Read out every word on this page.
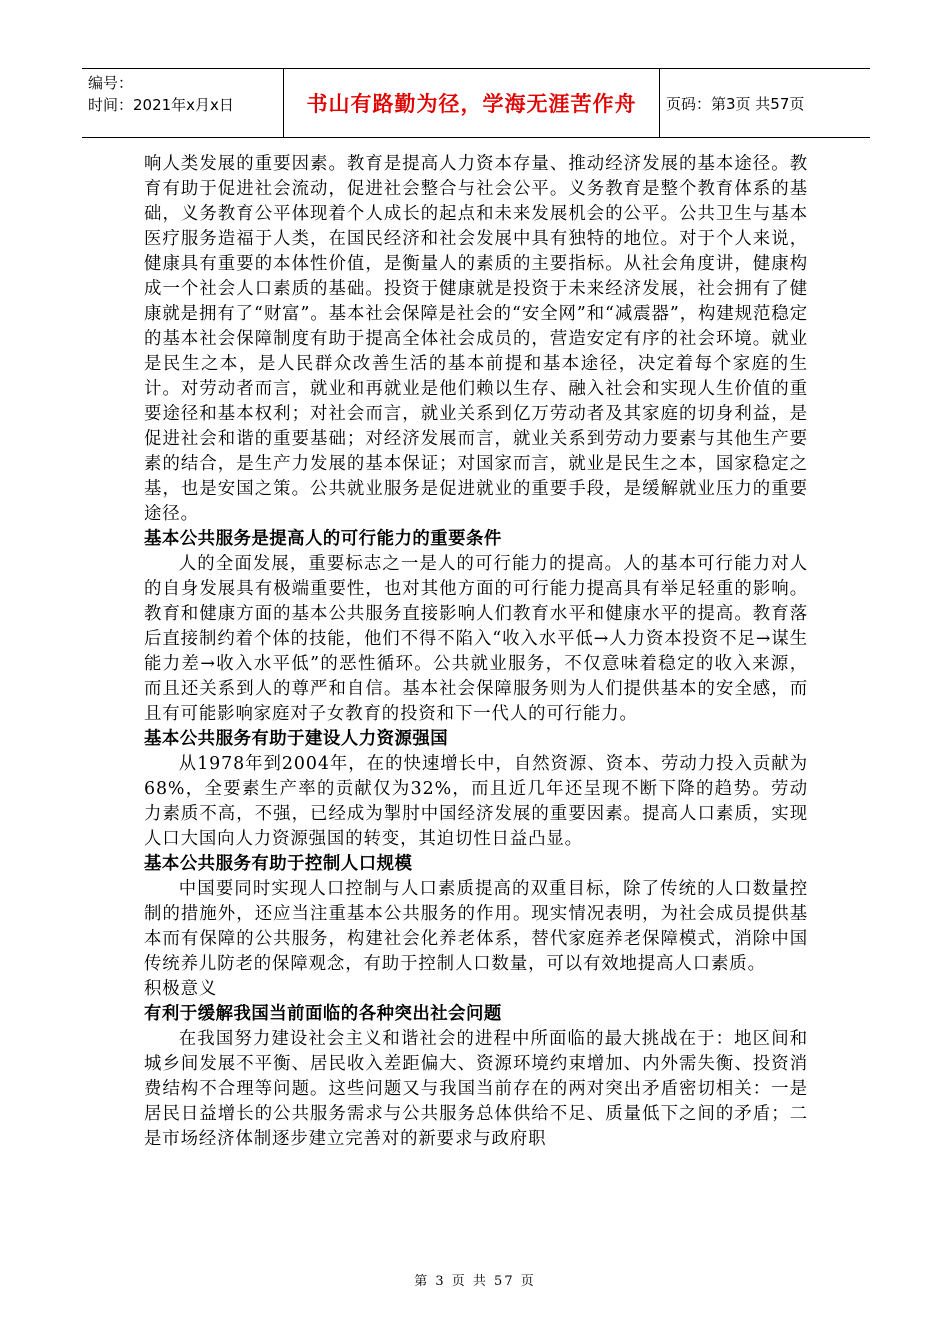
编号：
时间：2021年x月x日	书山有路勤为径，学海无涯苦作舟	页码：第3页 共57页

响人类发展的重要因素。教育是提高人力资本存量、推动经济发展的基本途径。教育有助于促进社会流动，促进社会整合与社会公平。义务教育是整个教育体系的基础，义务教育公平体现着个人成长的起点和未来发展机会的公平。公共卫生与基本医疗服务造福于人类，在国民经济和社会发展中具有独特的地位。对于个人来说，健康具有重要的本体性价值，是衡量人的素质的主要指标。从社会角度讲，健康构成一个社会人口素质的基础。投资于健康就是投资于未来经济发展，社会拥有了健康就是拥有了“财富”。基本社会保障是社会的“安全网”和“减震器”，构建规范稳定的基本社会保障制度有助于提高全体社会成员的，营造安定有序的社会环境。就业是民生之本，是人民群众改善生活的基本前提和基本途径，决定着每个家庭的生计。对劳动者而言，就业和再就业是他们赖以生存、融入社会和实现人生价值的重要途径和基本权利；对社会而言，就业关系到亿万劳动者及其家庭的切身利益，是促进社会和谐的重要基础；对经济发展而言，就业关系到劳动力要素与其他生产要素的结合，是生产力发展的基本保证；对国家而言，就业是民生之本，国家稳定之基，也是安国之策。公共就业服务是促进就业的重要手段，是缓解就业压力的重要途径。

基本公共服务是提高人的可行能力的重要条件

人的全面发展，重要标志之一是人的可行能力的提高。人的基本可行能力对人的自身发展具有极端重要性，也对其他方面的可行能力提高具有举足轻重的影响。教育和健康方面的基本公共服务直接影响人们教育水平和健康水平的提高。教育落后直接制约着个体的技能，他们不得不陷入“收入水平低→人力资本投资不足→谋生能力差→收入水平低”的恶性循环。公共就业服务，不仅意味着稳定的收入来源，而且还关系到人的尊严和自信。基本社会保障服务则为人们提供基本的安全感，而且有可能影响家庭对子女教育的投资和下一代人的可行能力。

基本公共服务有助于建设人力资源强国

从1978年到2004年，在的快速增长中，自然资源、资本、劳动力投入贡献为68%，全要素生产率的贡献仅为32%，而且近几年还呈现不断下降的趋势。劳动力素质不高，不强，已经成为掣肘中国经济发展的重要因素。提高人口素质，实现人口大国向人力资源强国的转变，其迫切性日益凸显。

基本公共服务有助于控制人口规模

中国要同时实现人口控制与人口素质提高的双重目标，除了传统的人口数量控制的措施外，还应当注重基本公共服务的作用。现实情况表明，为社会成员提供基本而有保障的公共服务，构建社会化养老体系，替代家庭养老保障模式，消除中国传统养儿防老的保障观念，有助于控制人口数量，可以有效地提高人口素质。

积极意义

有利于缓解我国当前面临的各种突出社会问题

在我国努力建设社会主义和谐社会的进程中所面临的最大挑战在于：地区间和城乡间发展不平衡、居民收入差距偏大、资源环境约束增加、内外需失衡、投资消费结构不合理等问题。这些问题又与我国当前存在的两对突出矛盾密切相关：一是居民日益增长的公共服务需求与公共服务总体供给不足、质量低下之间的矛盾；二是市场经济体制逐步建立完善对的新要求与政府职

第 3 页 共 57 页
